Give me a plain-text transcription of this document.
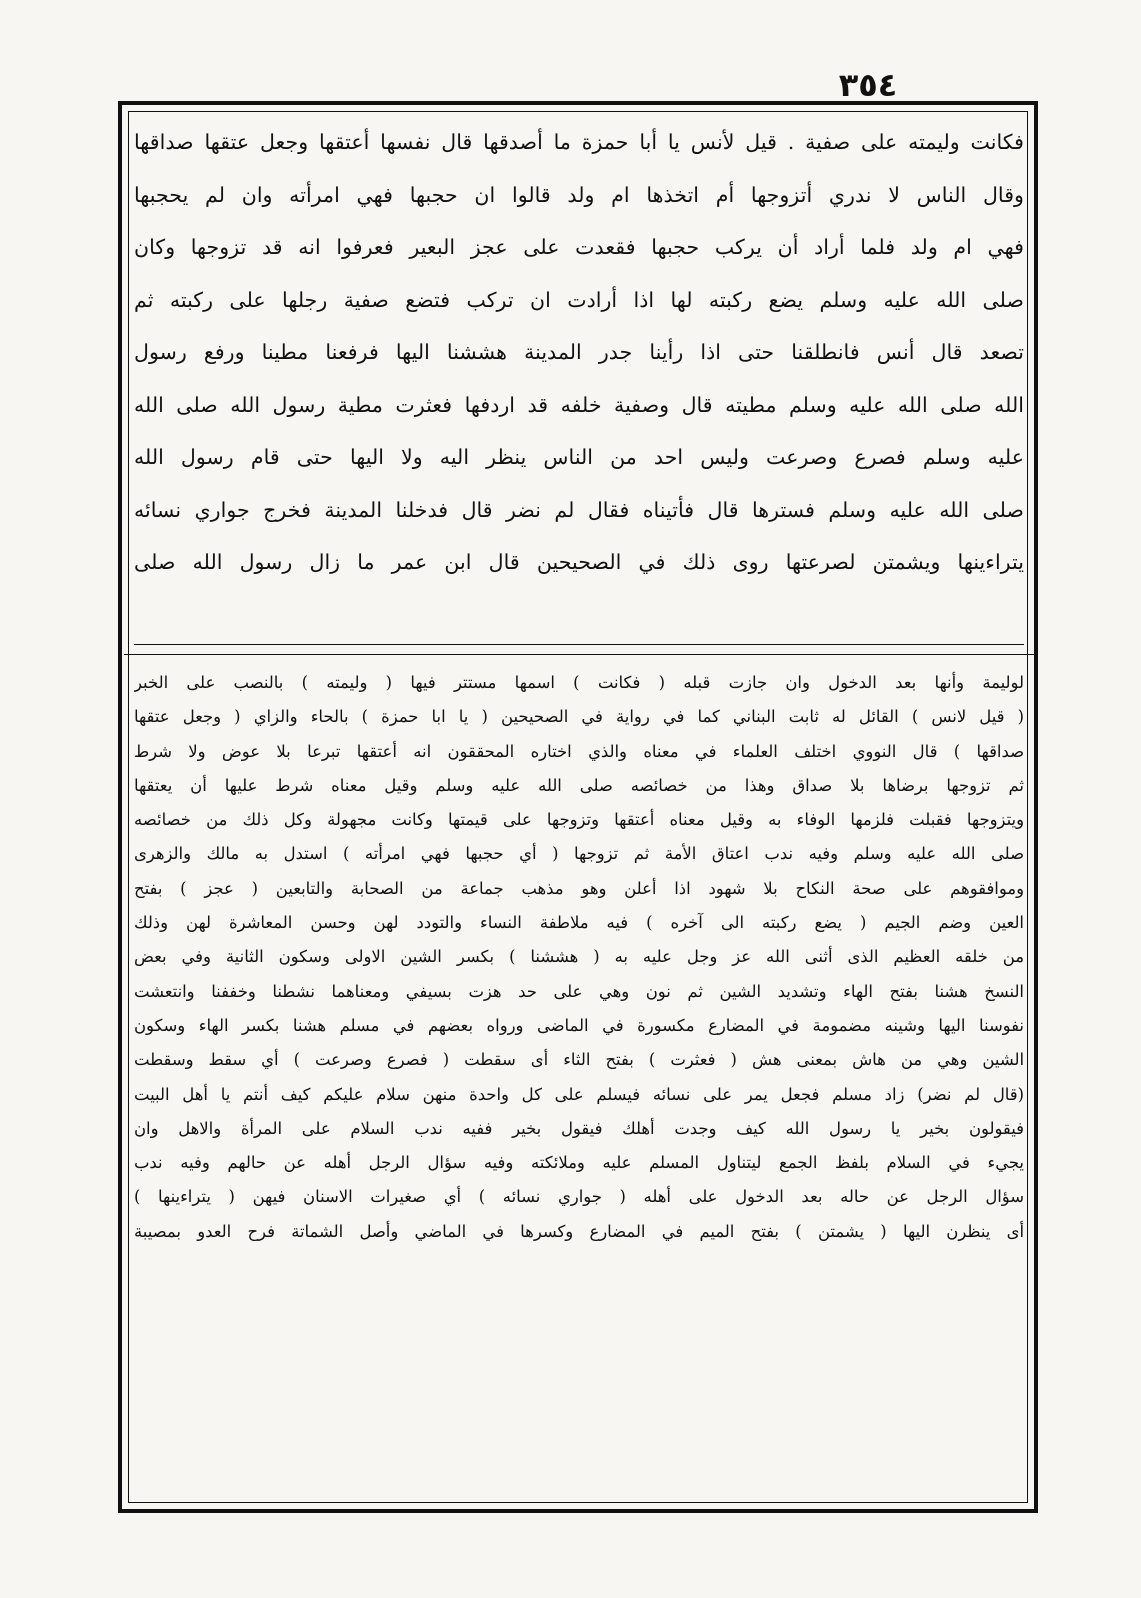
٣٥٤
فكانت وليمته على صفية . قيل لأنس يا أبا حمزة ما أصدقها قال نفسها أعتقها وجعل عتقها صداقها
وقال الناس لا ندري أتزوجها أم اتخذها ام ولد قالوا ان حجبها فهي امرأته وان لم يحجبها
فهي ام ولد فلما أراد أن يركب حجبها فقعدت على عجز البعير فعرفوا انه قد تزوجها وكان
صلى الله عليه وسلم يضع ركبته لها اذا أرادت ان تركب فتضع صفية رجلها على ركبته ثم
تصعد قال أنس فانطلقنا حتى اذا رأينا جدر المدينة هششنا اليها فرفعنا مطينا ورفع رسول
الله صلى الله عليه وسلم مطيته قال وصفية خلفه قد اردفها فعثرت مطية رسول الله صلى الله
عليه وسلم فصرع وصرعت وليس احد من الناس ينظر اليه ولا اليها حتى قام رسول الله
صلى الله عليه وسلم فسترها قال فأتيناه فقال لم نضر قال فدخلنا المدينة فخرج جواري نسائه
يتراءينها ويشمتن لصرعتها روى ذلك في الصحيحين قال ابن عمر ما زال رسول الله صلى
لوليمة وأنها بعد الدخول وان جازت قبله ( فكانت ) اسمها مستتر فيها ( وليمته ) بالنصب على الخبر
( قيل لانس ) القائل له ثابت البناني كما في رواية في الصحيحين ( يا ابا حمزة ) بالحاء والزاي ( وجعل عتقها
صداقها ) قال النووي اختلف العلماء في معناه والذي اختاره المحققون انه أعتقها تبرعا بلا عوض ولا شرط
ثم تزوجها برضاها بلا صداق وهذا من خصائصه صلى الله عليه وسلم وقيل معناه شرط عليها أن يعتقها
ويتزوجها فقبلت فلزمها الوفاء به وقيل معناه أعتقها وتزوجها على قيمتها وكانت مجهولة وكل ذلك من خصائصه
صلى الله عليه وسلم وفيه ندب اعتاق الأمة ثم تزوجها ( أي حجبها فهي امرأته ) استدل به مالك والزهرى
وموافقوهم على صحة النكاح بلا شهود اذا أعلن وهو مذهب جماعة من الصحابة والتابعين ( عجز ) بفتح
العين وضم الجيم ( يضع ركبته الى آخره ) فيه ملاطفة النساء والتودد لهن وحسن المعاشرة لهن وذلك
من خلقه العظيم الذى أثنى الله عز وجل عليه به ( هششنا ) بكسر الشين الاولى وسكون الثانية وفي بعض
النسخ هشنا بفتح الهاء وتشديد الشين ثم نون وهي على حد هزت بسيفي ومعناهما نشطنا وخففنا وانتعشت
نفوسنا اليها وشينه مضمومة في المضارع مكسورة في الماضى ورواه بعضهم في مسلم هشنا بكسر الهاء وسكون
الشين وهي من هاش بمعنى هش ( فعثرت ) بفتح الثاء أى سقطت ( فصرع وصرعت ) أي سقط وسقطت
(قال لم نضر) زاد مسلم فجعل يمر على نسائه فيسلم على كل واحدة منهن سلام عليكم كيف أنتم يا أهل البيت
فيقولون بخير يا رسول الله كيف وجدت أهلك فيقول بخير ففيه ندب السلام على المرأة والاهل وان
يجيء في السلام بلفظ الجمع ليتناول المسلم عليه وملائكته وفيه سؤال الرجل أهله عن حالهم وفيه ندب
سؤال الرجل عن حاله بعد الدخول على أهله ( جواري نسائه ) أي صغيرات الاسنان فيهن ( يتراءينها )
أى ينظرن اليها ( يشمتن ) بفتح الميم في المضارع وكسرها في الماضي وأصل الشماتة فرح العدو بمصيبة
